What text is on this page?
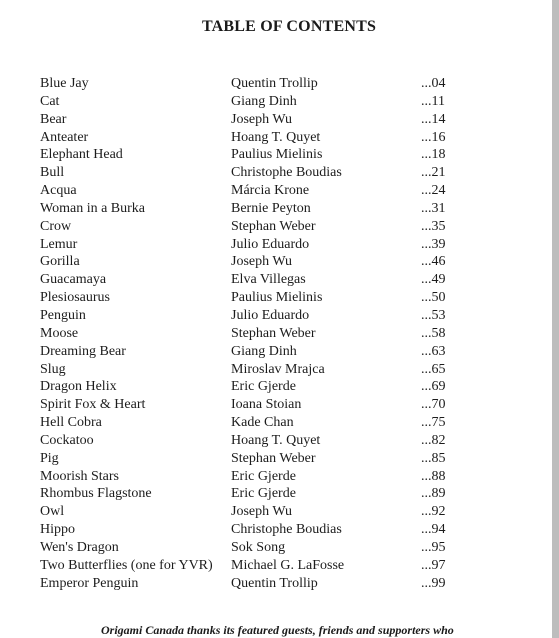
TABLE OF CONTENTS
Blue Jay	Quentin Trollip	...04
Cat	Giang Dinh	...11
Bear	Joseph Wu	...14
Anteater	Hoang T. Quyet	...16
Elephant Head	Paulius Mielinis	...18
Bull	Christophe Boudias	...21
Acqua	Márcia Krone	...24
Woman in a Burka	Bernie Peyton	...31
Crow	Stephan Weber	...35
Lemur	Julio Eduardo	...39
Gorilla	Joseph Wu	...46
Guacamaya	Elva Villegas	...49
Plesiosaurus	Paulius Mielinis	...50
Penguin	Julio Eduardo	...53
Moose	Stephan Weber	...58
Dreaming Bear	Giang Dinh	...63
Slug	Miroslav Mrajca	...65
Dragon Helix	Eric Gjerde	...69
Spirit Fox & Heart	Ioana Stoian	...70
Hell Cobra	Kade Chan	...75
Cockatoo	Hoang T. Quyet	...82
Pig	Stephan Weber	...85
Moorish Stars	Eric Gjerde	...88
Rhombus Flagstone	Eric Gjerde	...89
Owl	Joseph Wu	...92
Hippo	Christophe Boudias	...94
Wen's Dragon	Sok Song	...95
Two Butterflies (one for YVR) Michael G. LaFosse	...97
Emperor Penguin	Quentin Trollip	...99
Origami Canada thanks its featured guests, friends and supporters who
